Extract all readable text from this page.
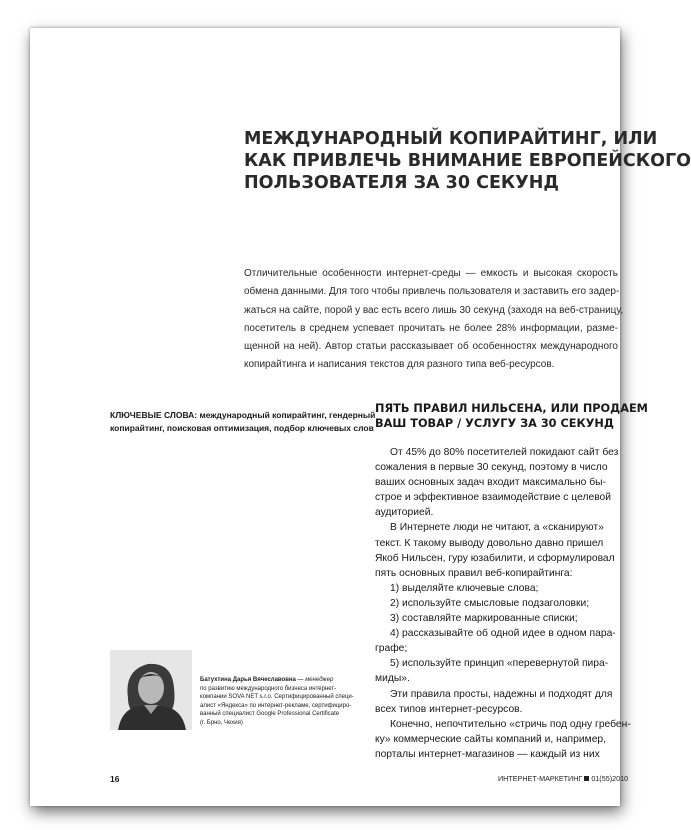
МЕЖДУНАРОДНЫЙ КОПИРАЙТИНГ, ИЛИ
КАК ПРИВЛЕЧЬ ВНИМАНИЕ ЕВРОПЕЙСКОГО
ПОЛЬЗОВАТЕЛЯ ЗА 30 СЕКУНД
Отличительные особенности интернет-среды — емкость и высокая скорость
обмена данными. Для того чтобы привлечь пользователя и заставить его задер-
жаться на сайте, порой у вас есть всего лишь 30 секунд (заходя на веб-страницу,
посетитель в среднем успевает прочитать не более 28% информации, разме-
щенной на ней). Автор статьи рассказывает об особенностях международного
копирайтинга и написания текстов для разного типа веб-ресурсов.
КЛЮЧЕВЫЕ СЛОВА: международный копирайтинг, гендерный
копирайтинг, поисковая оптимизация, подбор ключевых слов
ПЯТЬ ПРАВИЛ НИЛЬСЕНА, ИЛИ ПРОДАЕМ
ВАШ ТОВАР / УСЛУГУ ЗА 30 СЕКУНД
От 45% до 80% посетителей покидают сайт без
сожаления в первые 30 секунд, поэтому в число
ваших основных задач входит максимально бы-
строе и эффективное взаимодействие с целевой
аудиторией.
В Интернете люди не читают, а «сканируют»
текст. К такому выводу довольно давно пришел
Якоб Нильсен, гуру юзабилити, и сформулировал
пять основных правил веб-копирайтинга:
1) выделяйте ключевые слова;
2) используйте смысловые подзаголовки;
3) составляйте маркированные списки;
4) рассказывайте об одной идее в одном пара-
графе;
5) используйте принцип «перевернутой пира-
миды».
Эти правила просты, надежны и подходят для
всех типов интернет-ресурсов.
Конечно, непочтительно «стричь под одну гребен-
ку» коммерческие сайты компаний и, например,
порталы интернет-магазинов — каждый из них
Батухтина Дарья Вячеславовна — менеджер
по развитию международного бизнеса интернет-
компании SOVA NET s.r.o. Сертифицированный специ-
алист «Яндекса» по интернет-рекламе, сертифициро-
ванный специалист Google Professional Certificate
(г. Брно, Чехия)
16	ИНТЕРНЕТ-МАРКЕТИНГ 01(55)2010
